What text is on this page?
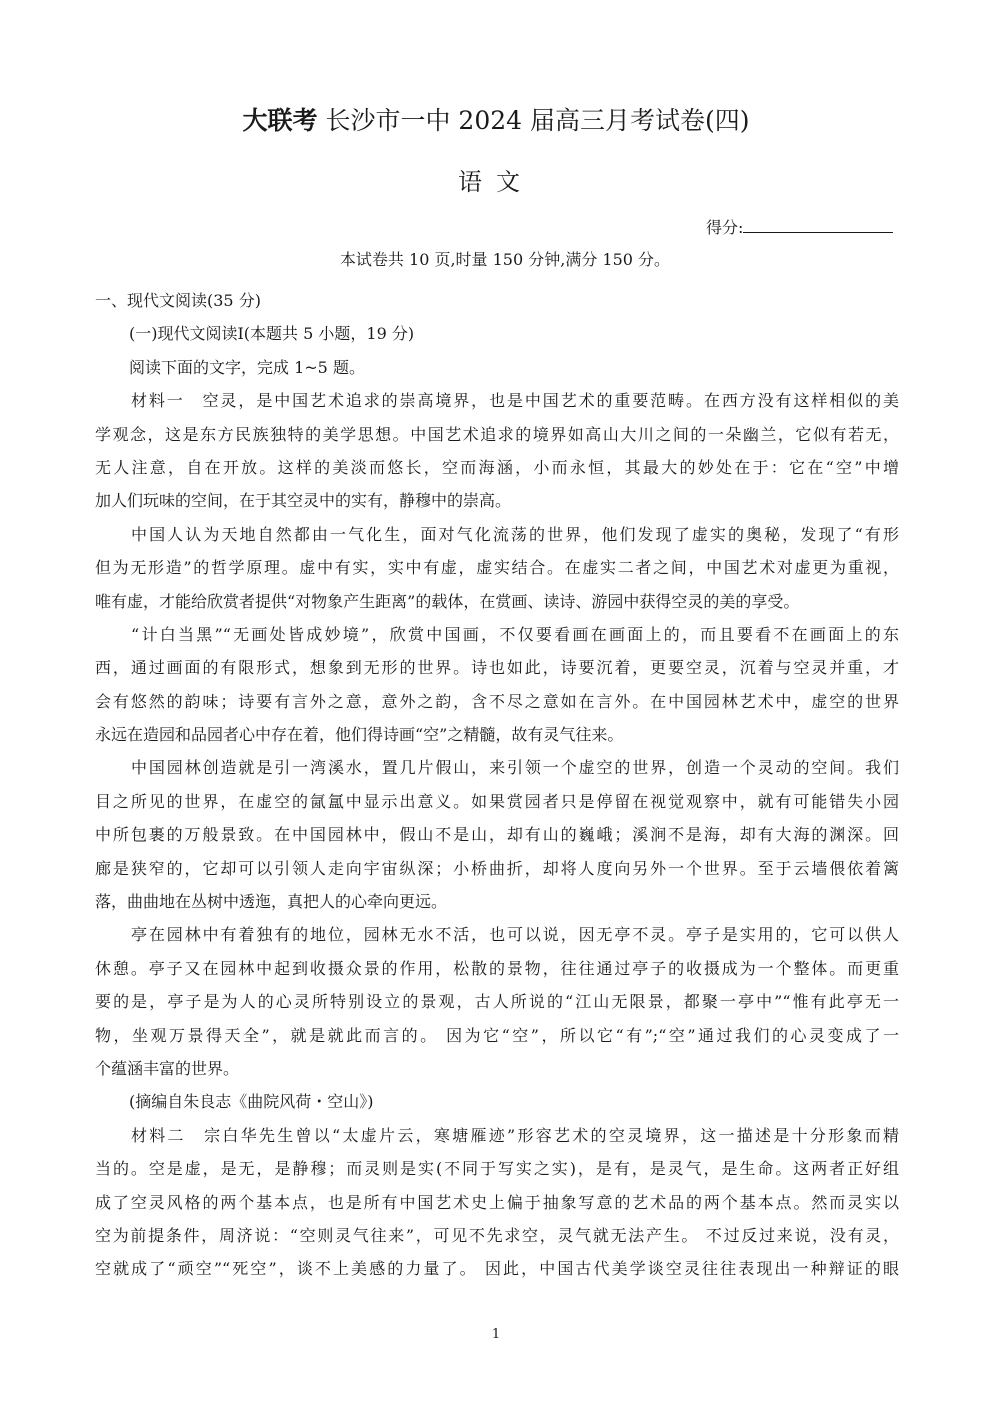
大联考 长沙市一中 2024 届高三月考试卷(四)
语文
得分:
本试卷共 10 页,时量 150 分钟,满分 150 分。
一、现代文阅读(35 分)
(一)现代文阅读Ⅰ(本题共 5 小题，19 分)
阅读下面的文字，完成 1~5 题。
材料一　空灵，是中国艺术追求的崇高境界，也是中国艺术的重要范畴。在西方没有这样相似的美
学观念，这是东方民族独特的美学思想。中国艺术追求的境界如高山大川之间的一朵幽兰，它似有若无，
无人注意，自在开放。这样的美淡而悠长，空而海涵，小而永恒，其最大的妙处在于：它在“空”中增
加人们玩味的空间，在于其空灵中的实有，静穆中的崇高。
中国人认为天地自然都由一气化生，面对气化流荡的世界，他们发现了虚实的奥秘，发现了“有形
但为无形造”的哲学原理。虚中有实，实中有虚，虚实结合。在虚实二者之间，中国艺术对虚更为重视，
唯有虚，才能给欣赏者提供“对物象产生距离”的载体，在赏画、读诗、游园中获得空灵的美的享受。
“计白当黑”“无画处皆成妙境”，欣赏中国画，不仅要看画在画面上的，而且要看不在画面上的东
西，通过画面的有限形式，想象到无形的世界。诗也如此，诗要沉着，更要空灵，沉着与空灵并重，才
会有悠然的韵味；诗要有言外之意，意外之韵，含不尽之意如在言外。在中国园林艺术中，虚空的世界
永远在造园和品园者心中存在着，他们得诗画“空”之精髓，故有灵气往来。
中国园林创造就是引一湾溪水，置几片假山，来引领一个虚空的世界，创造一个灵动的空间。我们
目之所见的世界，在虚空的氤氲中显示出意义。如果赏园者只是停留在视觉观察中，就有可能错失小园
中所包裹的万般景致。在中国园林中，假山不是山，却有山的巍峨；溪涧不是海，却有大海的渊深。回
廊是狭窄的，它却可以引领人走向宇宙纵深；小桥曲折，却将人度向另外一个世界。至于云墙偎依着篱
落，曲曲地在丛树中透迤，真把人的心牵向更远。
亭在园林中有着独有的地位，园林无水不活，也可以说，因无亭不灵。亭子是实用的，它可以供人
休憩。亭子又在园林中起到收摄众景的作用，松散的景物，往往通过亭子的收摄成为一个整体。而更重
要的是，亭子是为人的心灵所特别设立的景观，古人所说的“江山无限景，都聚一亭中”“惟有此亭无一
物，坐观万景得天全”，就是就此而言的。 因为它“空”，所以它“有”;“空”通过我们的心灵变成了一
个蕴涵丰富的世界。
(摘编自朱良志《曲院风荷・空山》)
材料二　宗白华先生曾以“太虚片云，寒塘雁迹”形容艺术的空灵境界，这一描述是十分形象而精
当的。空是虚，是无，是静穆；而灵则是实(不同于写实之实)，是有，是灵气，是生命。这两者正好组
成了空灵风格的两个基本点，也是所有中国艺术史上偏于抽象写意的艺术品的两个基本点。然而灵实以
空为前提条件，周济说：“空则灵气往来”，可见不先求空，灵气就无法产生。 不过反过来说，没有灵，
空就成了“顽空”“死空”，谈不上美感的力量了。 因此，中国古代美学谈空灵往往表现出一种辩证的眼
1
